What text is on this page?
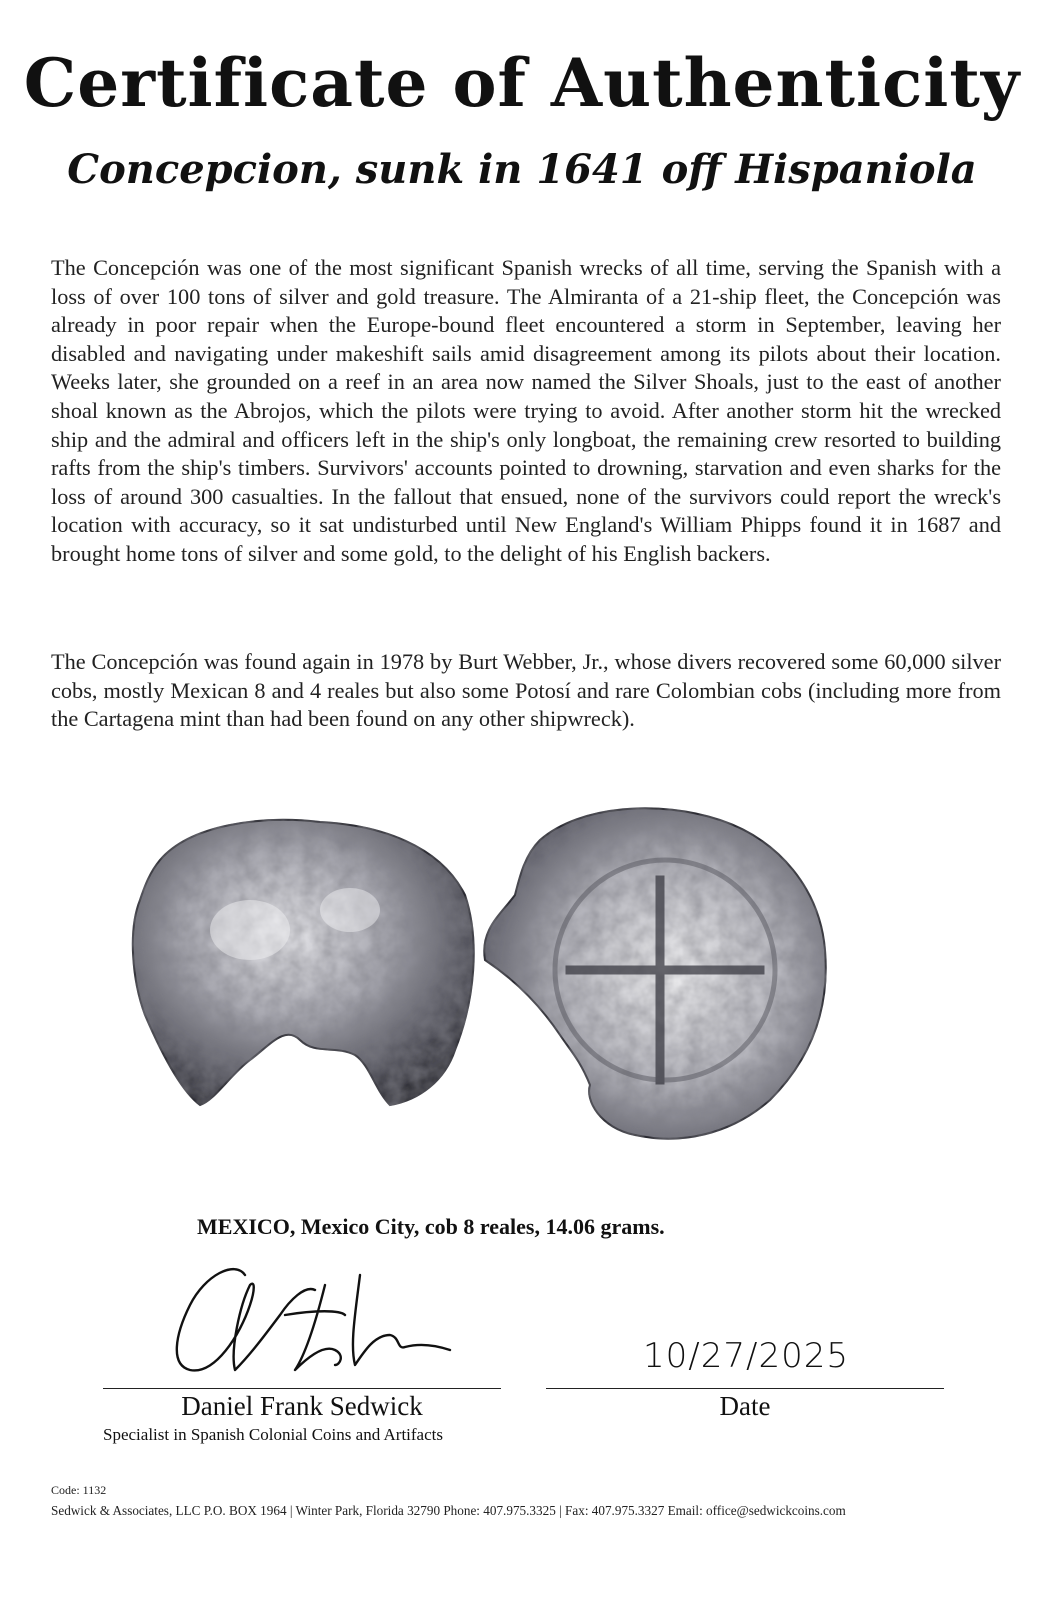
Certificate of Authenticity
Concepcion, sunk in 1641 off Hispaniola

The Concepción was one of the most significant Spanish wrecks of all time, serving the Spanish with a loss of over 100 tons of silver and gold treasure. The Almiranta of a 21-ship fleet, the Concepción was already in poor repair when the Europe-bound fleet encountered a storm in September, leaving her disabled and navigating under makeshift sails amid disagreement among its pilots about their location. Weeks later, she grounded on a reef in an area now named the Silver Shoals, just to the east of another shoal known as the Abrojos, which the pilots were trying to avoid. After another storm hit the wrecked ship and the admiral and officers left in the ship's only longboat, the remaining crew resorted to building rafts from the ship's timbers. Survivors' accounts pointed to drowning, starvation and even sharks for the loss of around 300 casualties. In the fallout that ensued, none of the survivors could report the wreck's location with accuracy, so it sat undisturbed until New England's William Phipps found it in 1687 and brought home tons of silver and some gold, to the delight of his English backers.

The Concepción was found again in 1978 by Burt Webber, Jr., whose divers recovered some 60,000 silver cobs, mostly Mexican 8 and 4 reales but also some Potosí and rare Colombian cobs (including more from the Cartagena mint than had been found on any other shipwreck).

MEXICO, Mexico City, cob 8 reales, 14.06 grams.
10/27/2025
Daniel Frank Sedwick
Specialist in Spanish Colonial Coins and Artifacts
Date
Code: 1132
Sedwick & Associates, LLC P.O. BOX 1964 | Winter Park, Florida 32790 Phone: 407.975.3325 | Fax: 407.975.3327 Email: office@sedwickcoins.com
